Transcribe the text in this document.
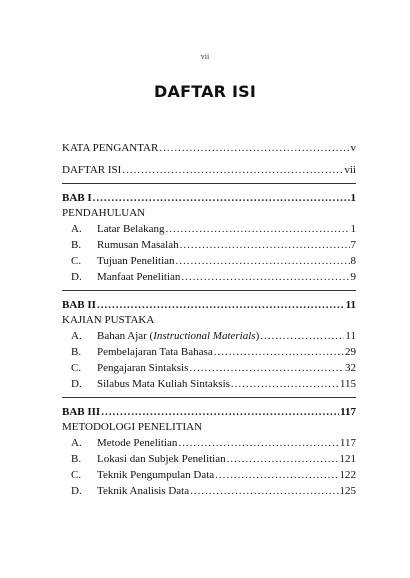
vii
DAFTAR ISI
KATA PENGANTAR .....	v
DAFTAR ISI .....	vii
BAB I .....	1
PENDAHULUAN
A.	Latar Belakang .....	1
B.	Rumusan Masalah .....	7
C.	Tujuan Penelitian .....	8
D.	Manfaat Penelitian .....	9
BAB II .....	11
KAJIAN PUSTAKA
A.	Bahan Ajar (Instructional Materials) .....	11
B.	Pembelajaran Tata Bahasa .....	29
C.	Pengajaran Sintaksis .....	32
D.	Silabus Mata Kuliah Sintaksis .....	115
BAB III .....	117
METODOLOGI PENELITIAN
A.	Metode Penelitian .....	117
B.	Lokasi dan Subjek Penelitian .....	121
C.	Teknik Pengumpulan Data .....	122
D.	Teknik Analisis Data .....	125
